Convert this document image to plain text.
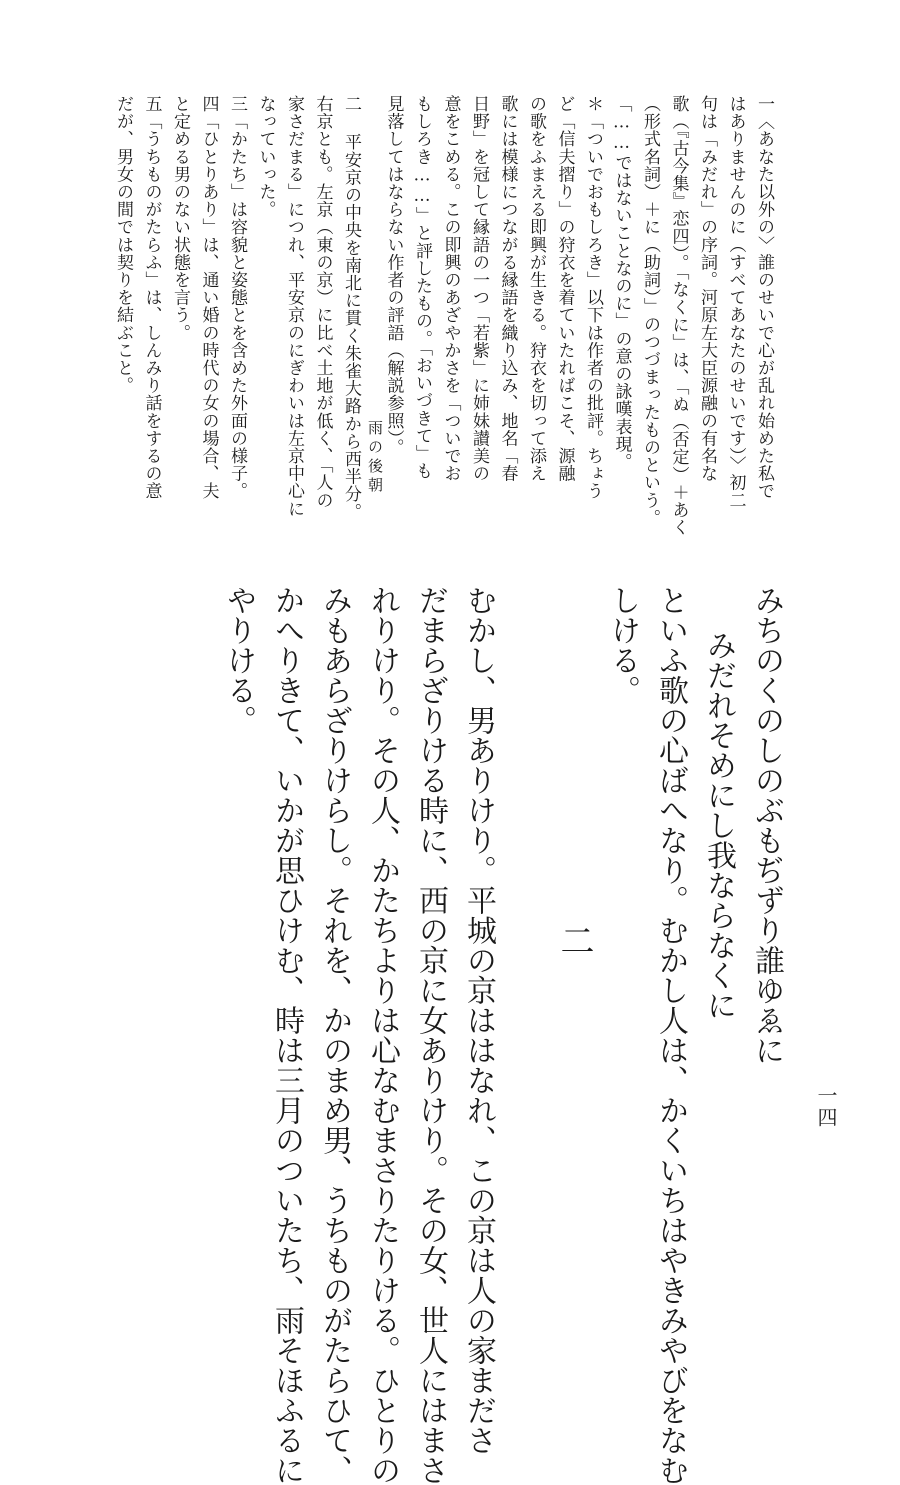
一四
一〈あなた以外の〉誰のせいで心が乱れ始めた私で
はありませんのに（すべてあなたのせいです）〉初二
句は「みだれ」の序詞。河原左大臣源融の有名な
歌（『古今集』恋四）。「なくに」は、「ぬ（否定）＋あく
（形式名詞）＋に（助詞）」のつづまったものという。
「……ではないことなのに」の意の詠嘆表現。
＊「ついでおもしろき」以下は作者の批評。ちょう
ど「信夫摺り」の狩衣を着ていたればこそ、源融
の歌をふまえる即興が生きる。狩衣を切って添え
歌には模様につながる縁語を織り込み、地名「春
日野」を冠して縁語の一つ「若紫」に姉妹讃美の
意をこめる。この即興のあざやかさを「ついでお
もしろき……」と評したもの。「おいづきて」も
見落してはならない作者の評語（解説参照）。
二 平安京の中央を南北に貫く朱雀大路から西半分。
右京とも。左京（東の京）に比べ土地が低く、「人の
家さだまる」につれ、平安京のにぎわいは左京中心に
なっていった。
三「かたち」は容貌と姿態とを含めた外面の様子。
四「ひとりあり」は、通い婚の時代の女の場合、夫
と定める男のない状態を言う。
五「うちものがたらふ」は、しんみり話をするの意
だが、男女の間では契りを結ぶこと。
雨の後朝
みちのくのしのぶもぢずり誰ゆゑに
みだれそめにし我ならなくに
といふ歌の心ばへなり。むかし人は、かくいちはやきみやびをなむ
しける。
二
むかし、男ありけり。平城の京ははなれ、この京は人の家まださ
だまらざりける時に、西の京に女ありけり。その女、世人にはまさ
れりけり。その人、かたちよりは心なむまさりたりける。ひとりの
みもあらざりけらし。それを、かのまめ男、うちものがたらひて、
かへりきて、いかが思ひけむ、時は三月のついたち、雨そほふるに
やりける。
